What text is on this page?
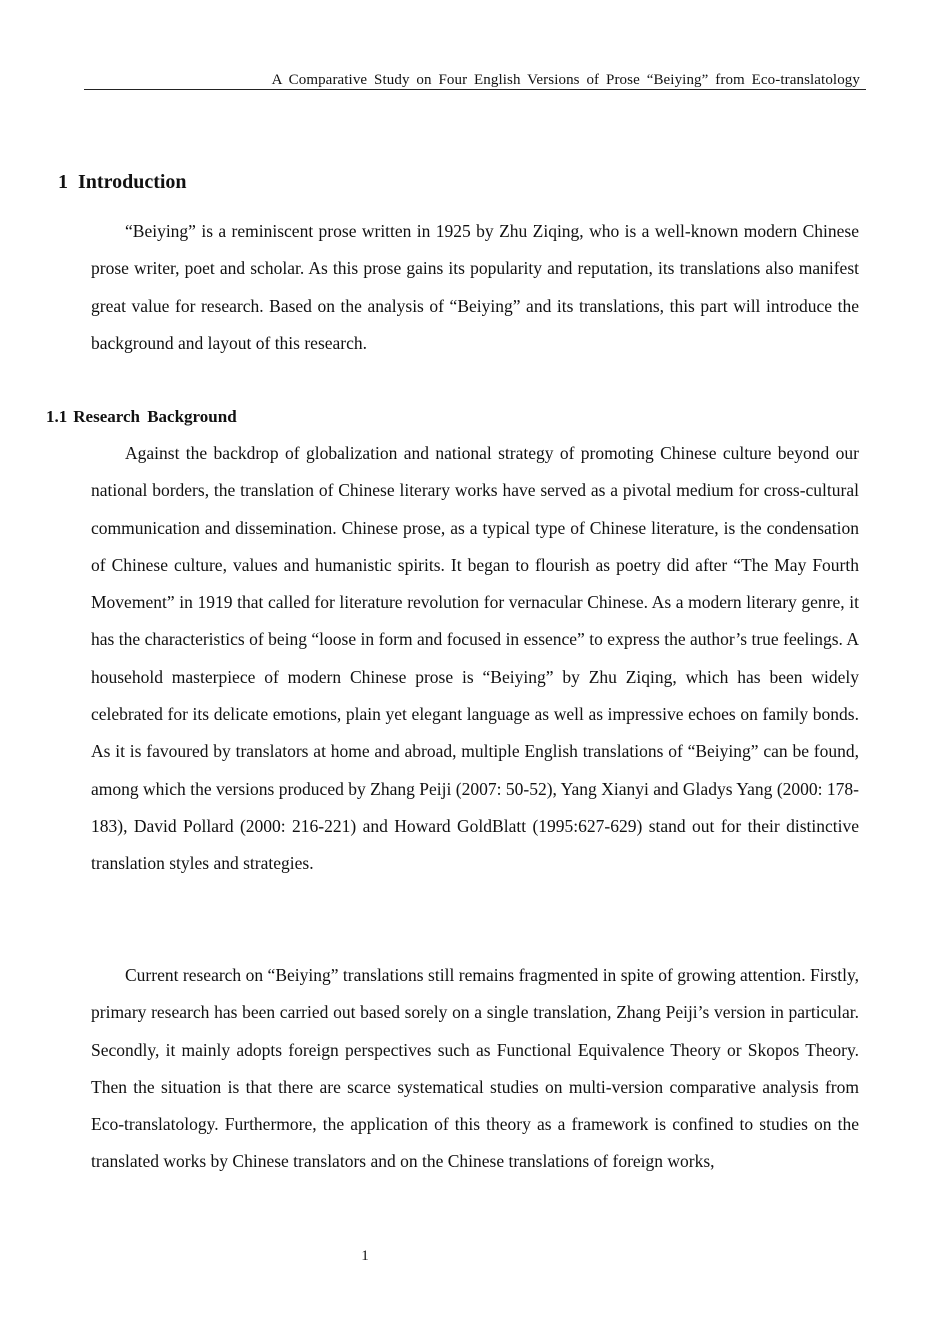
A Comparative Study on Four English Versions of Prose “Beiying” from Eco-translatology
1 Introduction

“Beiying” is a reminiscent prose written in 1925 by Zhu Ziqing, who is a well-known modern Chinese prose writer, poet and scholar. As this prose gains its popularity and reputation, its translations also manifest great value for research. Based on the analysis of “Beiying” and its translations, this part will introduce the background and layout of this research.

1.1 Research Background

Against the backdrop of globalization and national strategy of promoting Chinese culture beyond our national borders, the translation of Chinese literary works have served as a pivotal medium for cross-cultural communication and dissemination. Chinese prose, as a typical type of Chinese literature, is the condensation of Chinese culture, values and humanistic spirits. It began to flourish as poetry did after “The May Fourth Movement” in 1919 that called for literature revolution for vernacular Chinese. As a modern literary genre, it has the characteristics of being “loose in form and focused in essence” to express the author’s true feelings. A household masterpiece of modern Chinese prose is “Beiying” by Zhu Ziqing, which has been widely celebrated for its delicate emotions, plain yet elegant language as well as impressive echoes on family bonds. As it is favoured by translators at home and abroad, multiple English translations of “Beiying” can be found, among which the versions produced by Zhang Peiji (2007: 50-52), Yang Xianyi and Gladys Yang (2000: 178-183), David Pollard (2000: 216-221) and Howard GoldBlatt (1995:627-629) stand out for their distinctive translation styles and strategies.

Current research on “Beiying” translations still remains fragmented in spite of growing attention. Firstly, primary research has been carried out based sorely on a single translation, Zhang Peiji’s version in particular. Secondly, it mainly adopts foreign perspectives such as Functional Equivalence Theory or Skopos Theory. Then the situation is that there are scarce systematical studies on multi-version comparative analysis from Eco-translatology. Furthermore, the application of this theory as a framework is confined to studies on the translated works by Chinese translators and on the Chinese translations of foreign works,

1
